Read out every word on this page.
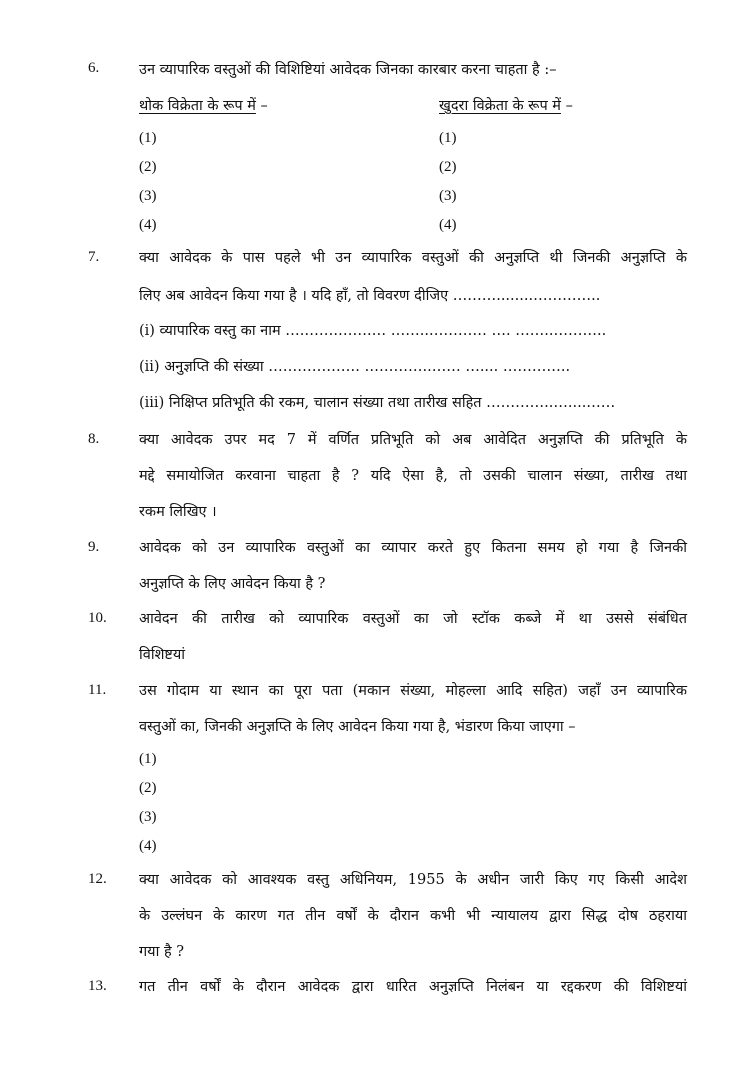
6.	उन व्यापारिक वस्तुओं की विशिष्टियां आवेदक जिनका कारबार करना चाहता है :–
थोक विक्रेता के रूप में –	खुदरा विक्रेता के रूप में –
(1)	(1)
(2)	(2)
(3)	(3)
(4)	(4)
7.	क्या आवेदक के पास पहले भी उन व्यापारिक वस्तुओं की अनुज्ञप्ति थी जिनकी अनुज्ञप्ति के
लिए अब आवेदन किया गया है । यदि हाँ, तो विवरण दीजिए ………........…………..
(i) व्यापारिक वस्तु का नाम ….…….…….… ……..………… …. ……..………..
(ii) अनुज्ञप्ति की संख्या ………………. …………..…… ….... …………..
(iii) निक्षिप्त प्रतिभूति की रकम, चालान संख्या तथा तारीख सहित …………..…....……
8.	क्या आवेदक उपर मद 7 में वर्णित प्रतिभूति को अब आवेदित अनुज्ञप्ति की प्रतिभूति के
मद्दे समायोजित करवाना चाहता है ? यदि ऐसा है, तो उसकी चालान संख्या, तारीख तथा
रकम लिखिए ।
9.	आवेदक को उन व्यापारिक वस्तुओं का व्यापार करते हुए कितना समय हो गया है जिनकी
अनुज्ञप्ति के लिए आवेदन किया है ?
10. आवेदन की तारीख को व्यापारिक वस्तुओं का जो स्टॉक कब्जे में था उससे संबंधित
विशिष्टयां
11. उस गोदाम या स्थान का पूरा पता (मकान संख्या, मोहल्ला आदि सहित) जहाँ उन व्यापारिक
वस्तुओं का, जिनकी अनुज्ञप्ति के लिए आवेदन किया गया है, भंडारण किया जाएगा –
(1)
(2)
(3)
(4)
12. क्या आवेदक को आवश्यक वस्तु अधिनियम, 1955 के अधीन जारी किए गए किसी आदेश
के उल्लंघन के कारण गत तीन वर्षों के दौरान कभी भी न्यायालय द्वारा सिद्ध दोष ठहराया
गया है ?
13. गत तीन वर्षों के दौरान आवेदक द्वारा धारित अनुज्ञप्ति निलंबन या रद्दकरण की विशिष्टयां
